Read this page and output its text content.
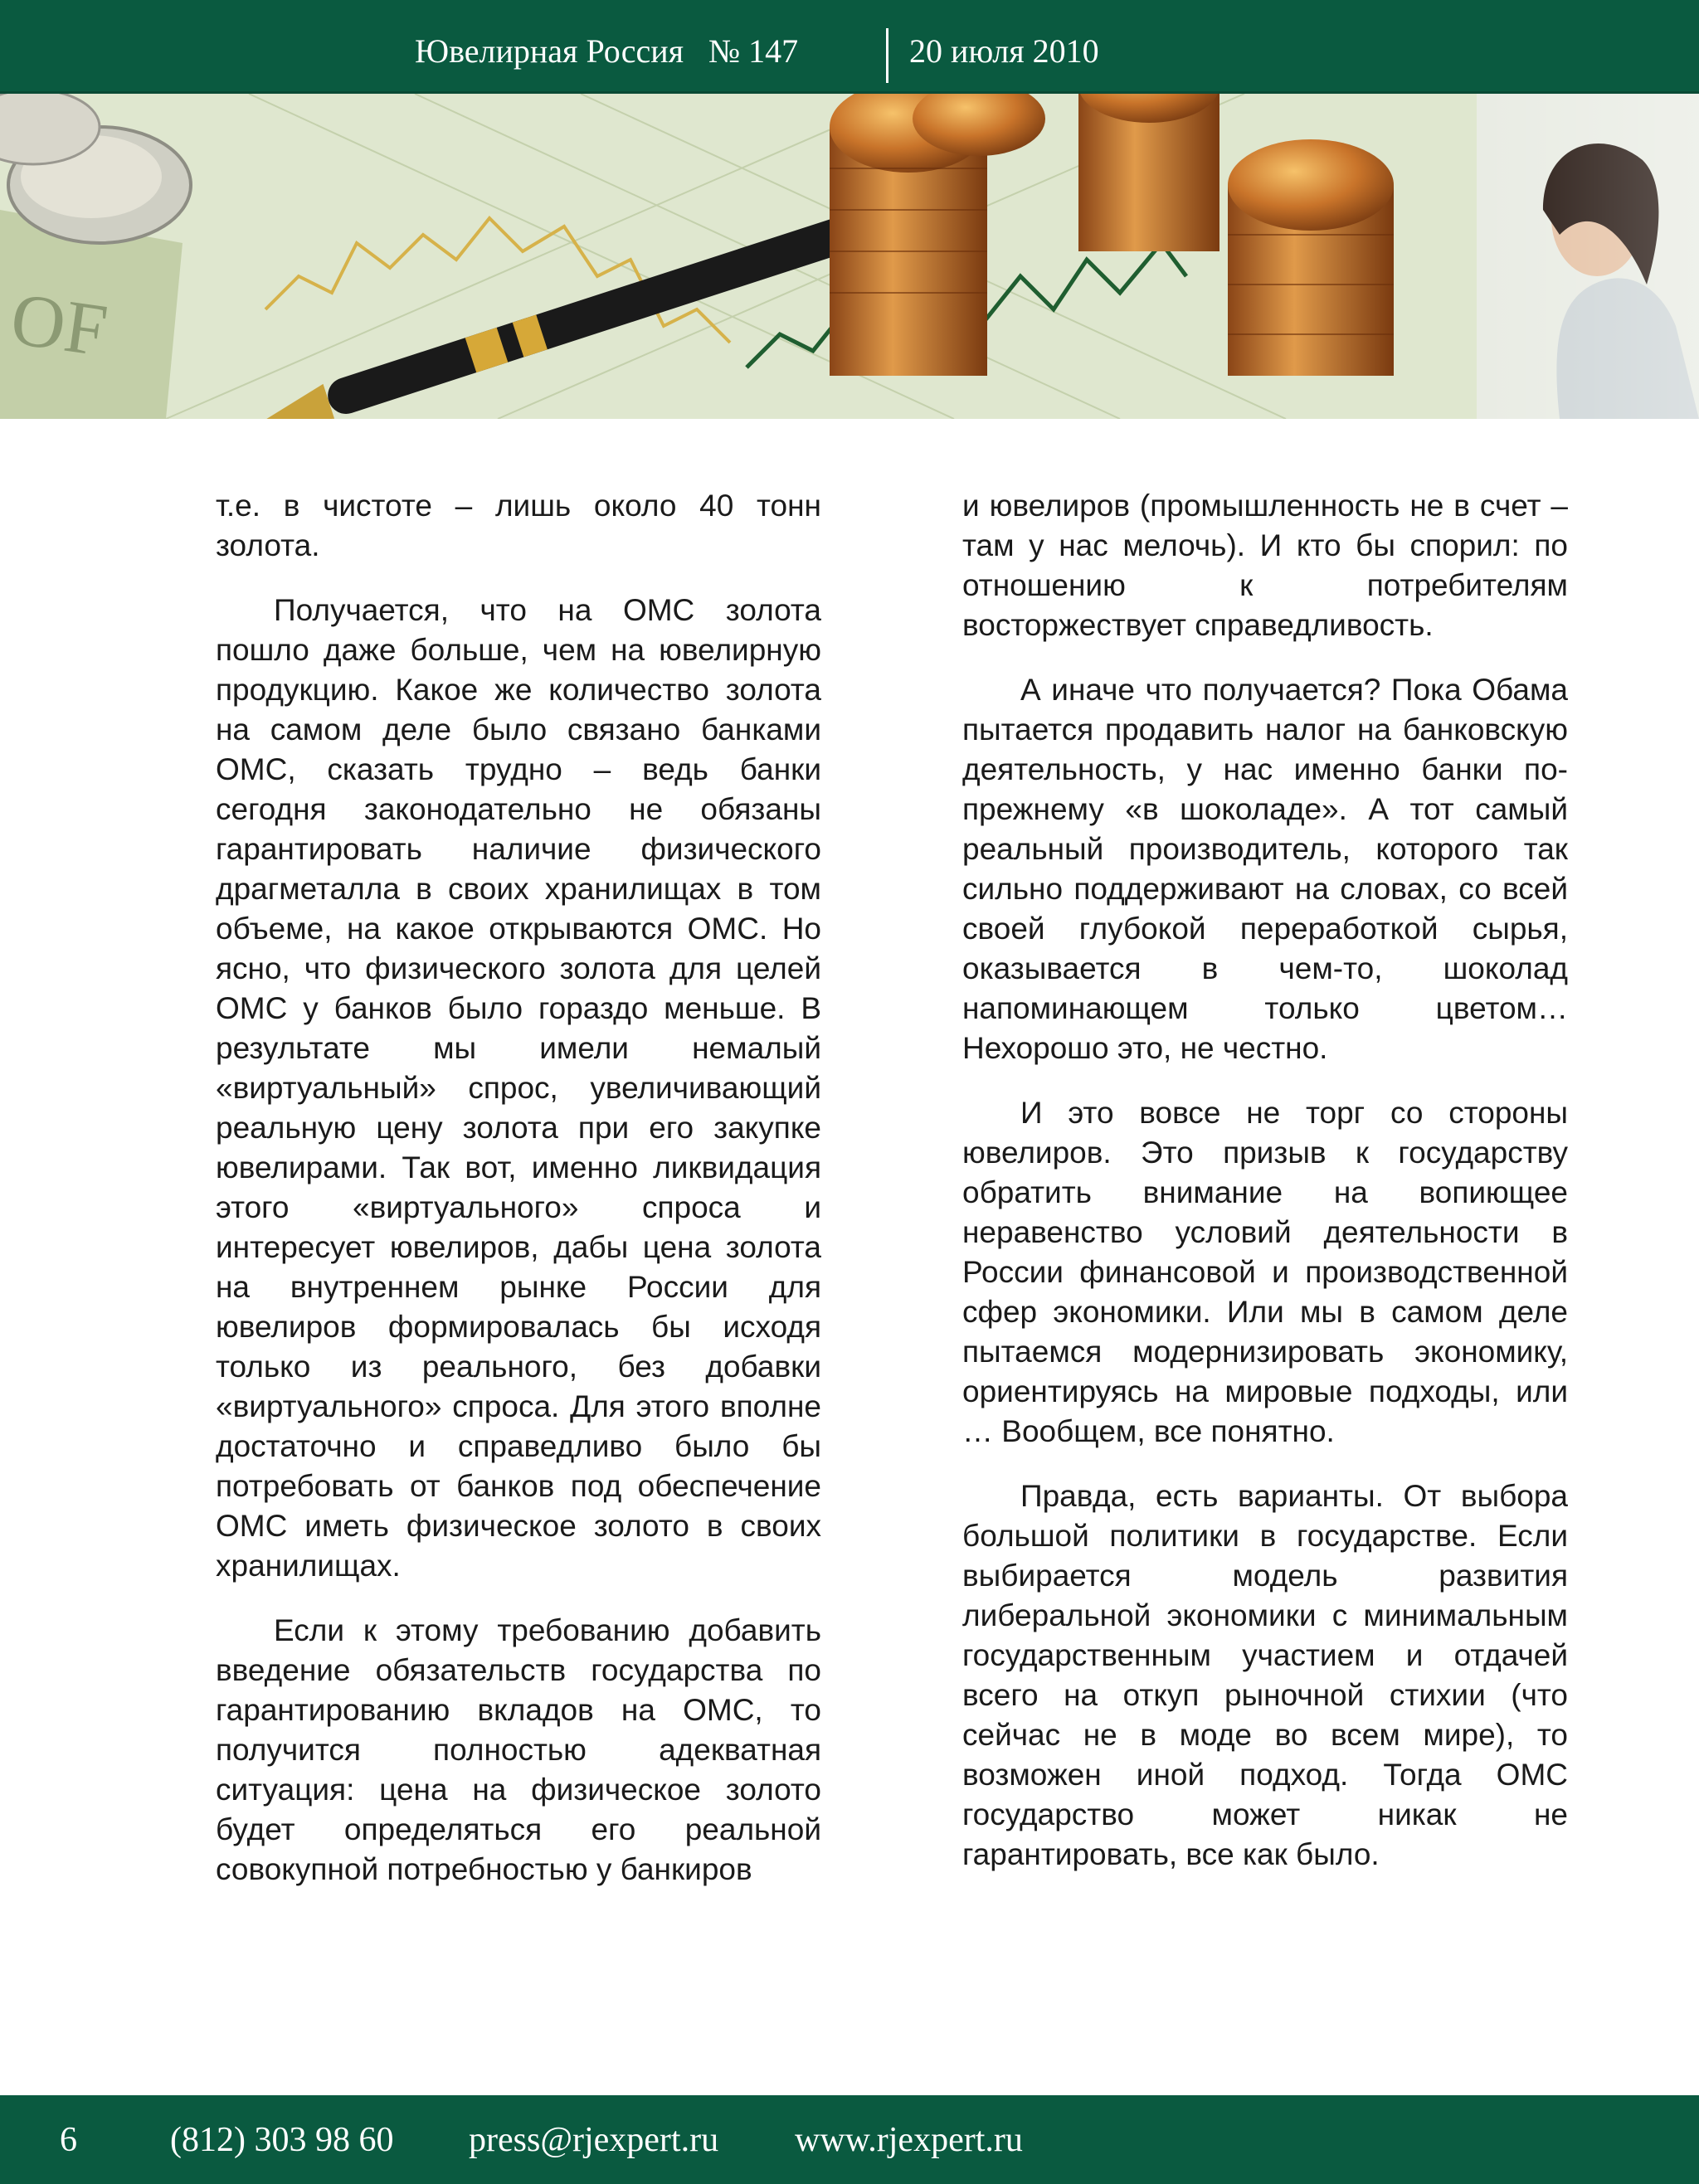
Ювелирная Россия № 147	20 июля 2010
OF

т.е. в чистоте – лишь около 40 тонн золота.

Получается, что на ОМС золота пошло даже больше, чем на ювелирную продукцию. Какое же количество золота на самом деле было связано банками ОМС, сказать трудно – ведь банки сегодня законодательно не обязаны гарантировать наличие физического драгметалла в своих хранилищах в том объеме, на какое открываются ОМС. Но ясно, что физического золота для целей ОМС у банков было гораздо меньше. В результате мы имели немалый «виртуальный» спрос, увеличивающий реальную цену золота при его закупке ювелирами. Так вот, именно ликвидация этого «виртуального» спроса и интересует ювелиров, дабы цена золота на внутреннем рынке России для ювелиров формировалась бы исходя только из реального, без добавки «виртуального» спроса. Для этого вполне достаточно и справедливо было бы потребовать от банков под обеспечение ОМС иметь физическое золото в своих хранилищах.

Если к этому требованию добавить введение обязательств государства по гарантированию вкладов на ОМС, то получится полностью адекватная ситуация: цена на физическое золото будет определяться его реальной совокупной потребностью у банкиров

и ювелиров (промышленность не в счет – там у нас мелочь). И кто бы спорил: по отношению к потребителям восторжествует справедливость.

А иначе что получается? Пока Обама пытается продавить налог на банковскую деятельность, у нас именно банки по-прежнему «в шоколаде». А тот самый реальный производитель, которого так сильно поддерживают на словах, со всей своей глубокой переработкой сырья, оказывается в чем-то, шоколад напоминающем только цветом… Нехорошо это, не честно.

И это вовсе не торг со стороны ювелиров. Это призыв к государству обратить внимание на вопиющее неравенство условий деятельности в России финансовой и производственной сфер экономики. Или мы в самом деле пытаемся модернизировать экономику, ориентируясь на мировые подходы, или … Вообщем, все понятно.

Правда, есть варианты. От выбора большой политики в государстве. Если выбирается модель развития либеральной экономики с минимальным государственным участием и отдачей всего на откуп рыночной стихии (что сейчас не в моде во всем мире), то возможен иной подход. Тогда ОМС государство может никак не гарантировать, все как было.

6	(812) 303 98 60 press@rjexpert.ru www.rjexpert.ru
